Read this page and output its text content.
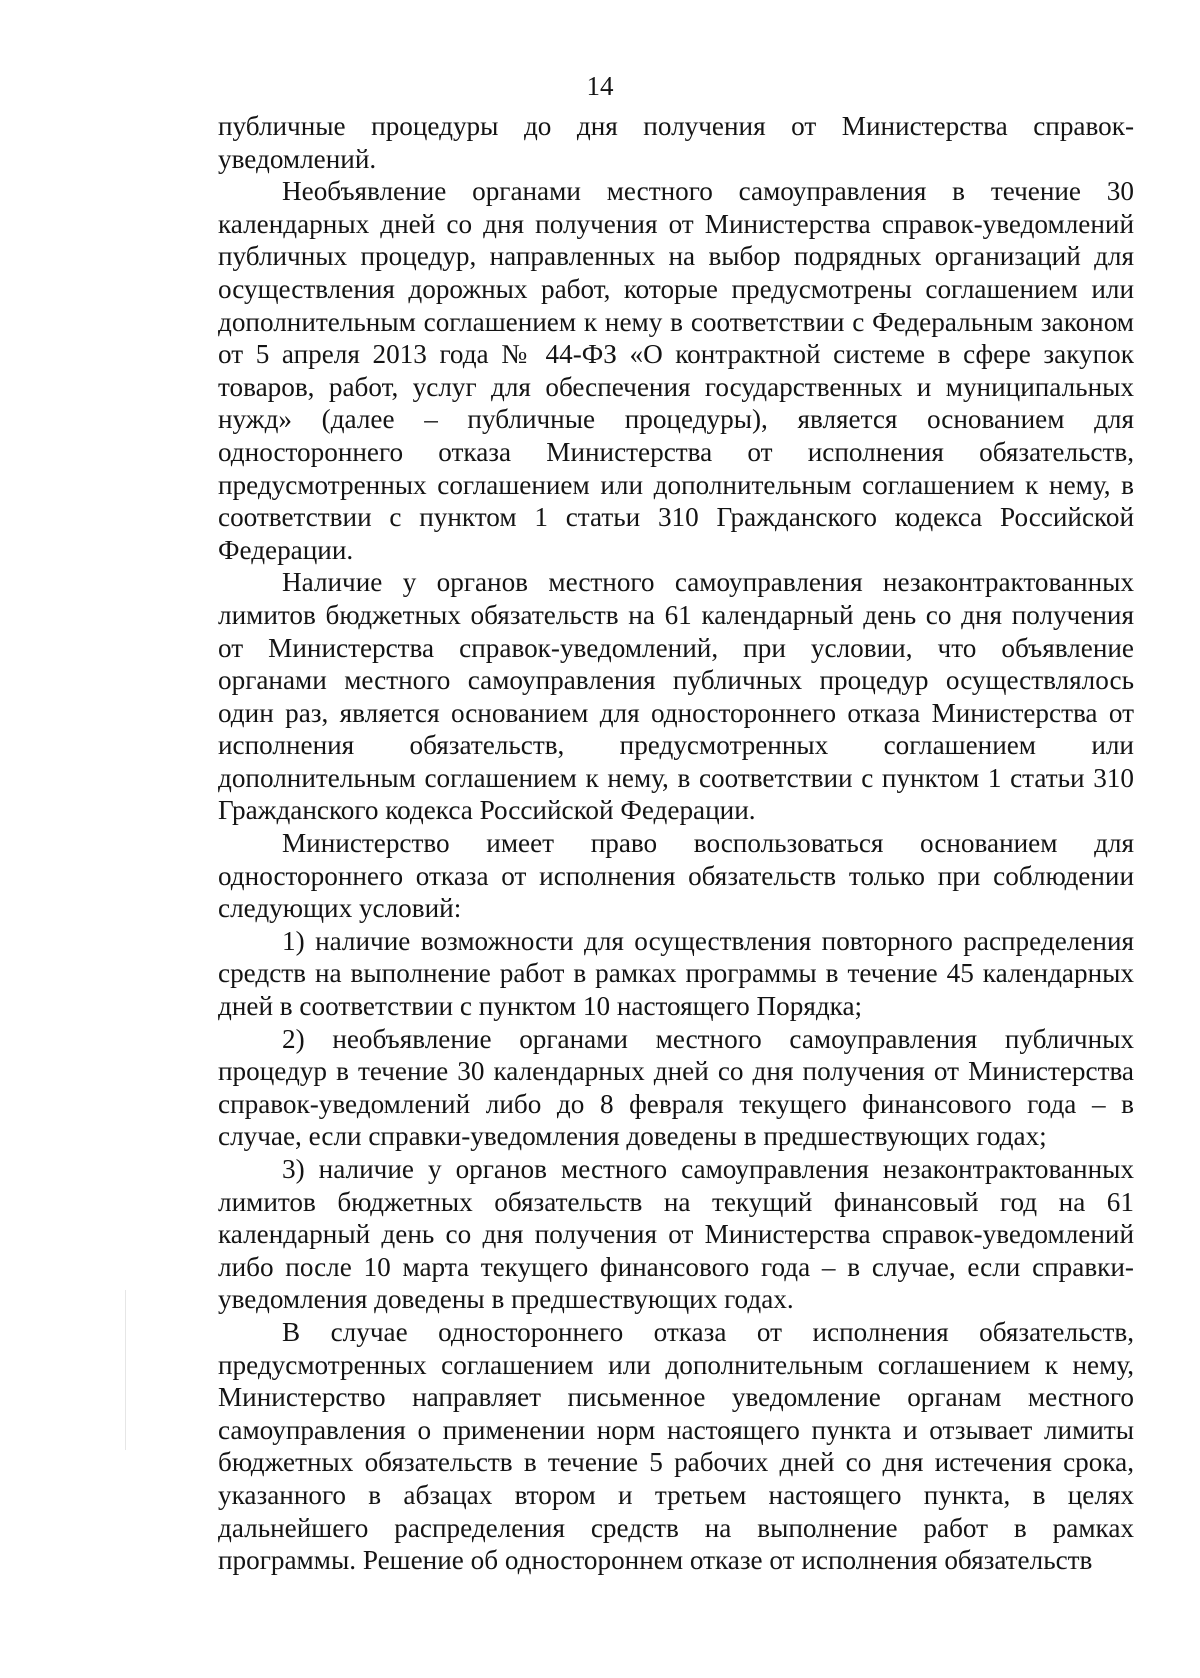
14

публичные процедуры до дня получения от Министерства справок-уведомлений.

Необъявление органами местного самоуправления в течение 30 календарных дней со дня получения от Министерства справок-уведомлений публичных процедур, направленных на выбор подрядных организаций для осуществления дорожных работ, которые предусмотрены соглашением или дополнительным соглашением к нему в соответствии с Федеральным законом от 5 апреля 2013 года № 44-ФЗ «О контрактной системе в сфере закупок товаров, работ, услуг для обеспечения государственных и муниципальных нужд» (далее – публичные процедуры), является основанием для одностороннего отказа Министерства от исполнения обязательств, предусмотренных соглашением или дополнительным соглашением к нему, в соответствии с пунктом 1 статьи 310 Гражданского кодекса Российской Федерации.

Наличие у органов местного самоуправления незаконтрактованных лимитов бюджетных обязательств на 61 календарный день со дня получения от Министерства справок-уведомлений, при условии, что объявление органами местного самоуправления публичных процедур осуществлялось один раз, является основанием для одностороннего отказа Министерства от исполнения обязательств, предусмотренных соглашением или дополнительным соглашением к нему, в соответствии с пунктом 1 статьи 310 Гражданского кодекса Российской Федерации.

Министерство имеет право воспользоваться основанием для одностороннего отказа от исполнения обязательств только при соблюдении следующих условий:

1) наличие возможности для осуществления повторного распределения средств на выполнение работ в рамках программы в течение 45 календарных дней в соответствии с пунктом 10 настоящего Порядка;

2) необъявление органами местного самоуправления публичных процедур в течение 30 календарных дней со дня получения от Министерства справок-уведомлений либо до 8 февраля текущего финансового года – в случае, если справки-уведомления доведены в предшествующих годах;

3) наличие у органов местного самоуправления незаконтрактованных лимитов бюджетных обязательств на текущий финансовый год на 61 календарный день со дня получения от Министерства справок-уведомлений либо после 10 марта текущего финансового года – в случае, если справки-уведомления доведены в предшествующих годах.

В случае одностороннего отказа от исполнения обязательств, предусмотренных соглашением или дополнительным соглашением к нему, Министерство направляет письменное уведомление органам местного самоуправления о применении норм настоящего пункта и отзывает лимиты бюджетных обязательств в течение 5 рабочих дней со дня истечения срока, указанного в абзацах втором и третьем настоящего пункта, в целях дальнейшего распределения средств на выполнение работ в рамках программы. Решение об одностороннем отказе от исполнения обязательств
